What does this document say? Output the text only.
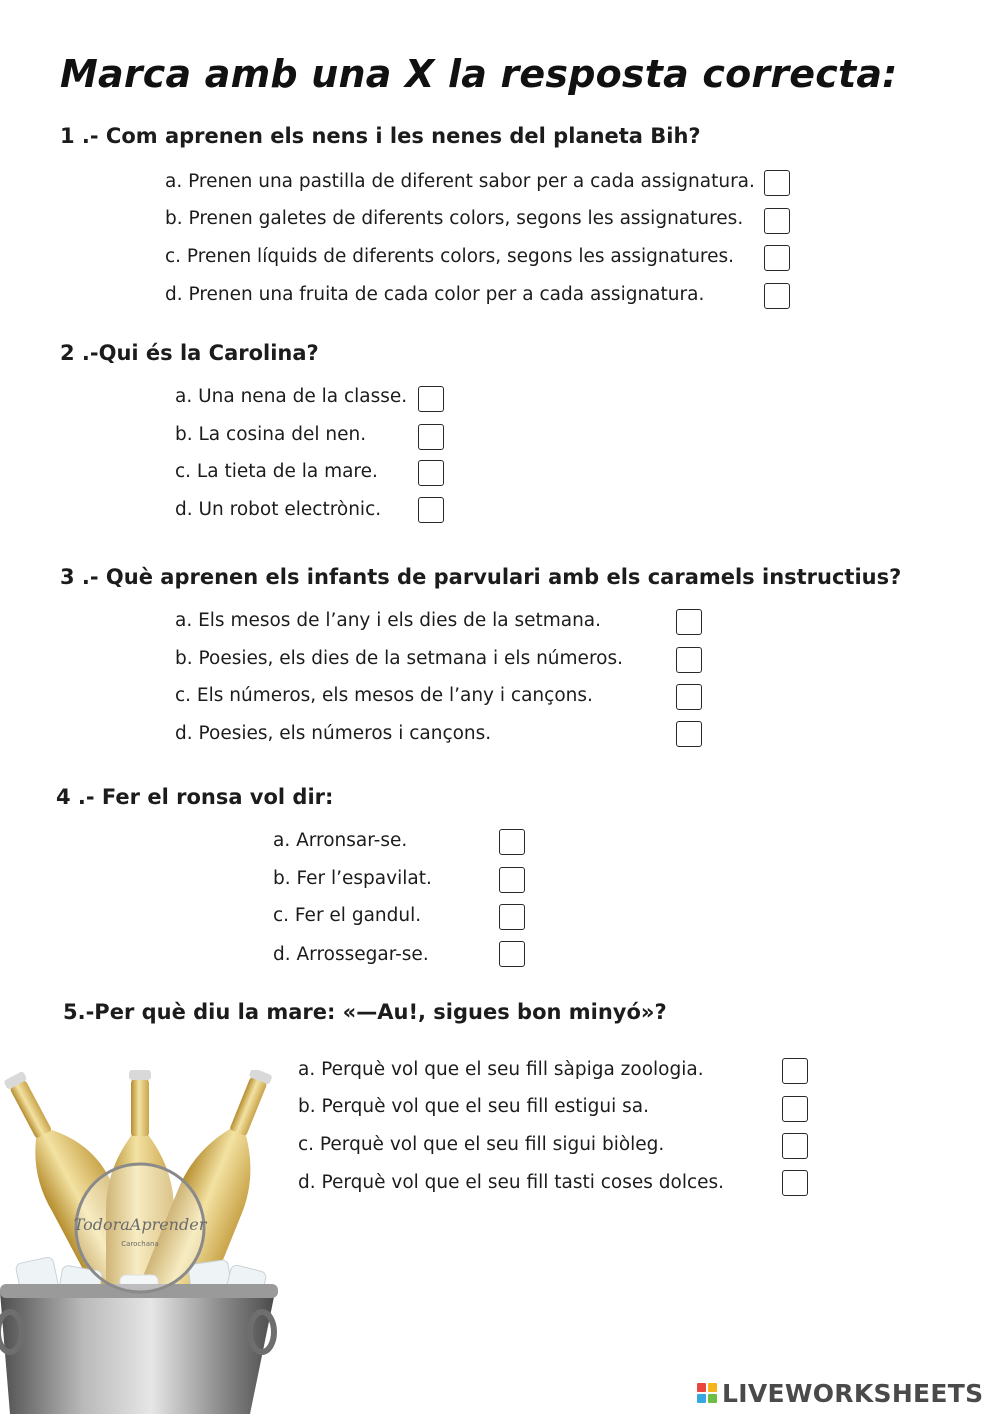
Marca amb una X la resposta correcta:
1 .- Com aprenen els nens i les nenes del planeta Bih?
a. Prenen una pastilla de diferent sabor per a cada assignatura.
b. Prenen galetes de diferents colors, segons les assignatures.
c. Prenen líquids de diferents colors, segons les assignatures.
d. Prenen una fruita de cada color per a cada assignatura.
2 .-Qui és la Carolina?
a. Una nena de la classe.
b. La cosina del nen.
c. La tieta de la mare.
d. Un robot electrònic.
3 .- Què aprenen els infants de parvulari amb els caramels instructius?
a. Els mesos de l’any i els dies de la setmana.
b. Poesies, els dies de la setmana i els números.
c. Els números, els mesos de l’any i cançons.
d. Poesies, els números i cançons.
4 .- Fer el ronsa vol dir:
a. Arronsar-se.
b. Fer l’espavilat.
c. Fer el gandul.
d. Arrossegar-se.
5.-Per què diu la mare: «—Au!, sigues bon minyó»?
a. Perquè vol que el seu fill sàpiga zoologia.
b. Perquè vol que el seu fill estigui sa.
c. Perquè vol que el seu fill sigui biòleg.
d. Perquè vol que el seu fill tasti coses dolces.
TodoraAprender
Carochana
LIVEWORKSHEETS
